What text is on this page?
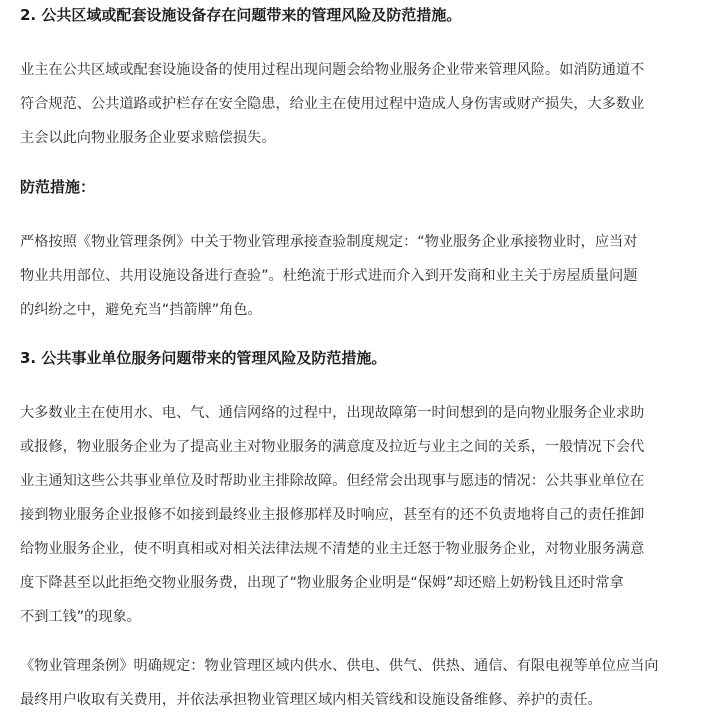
2. 公共区域或配套设施设备存在问题带来的管理风险及防范措施。

业主在公共区域或配套设施设备的使用过程出现问题会给物业服务企业带来管理风险。如消防通道不
符合规范、公共道路或护栏存在安全隐患，给业主在使用过程中造成人身伤害或财产损失，大多数业
主会以此向物业服务企业要求赔偿损失。

防范措施：

严格按照《物业管理条例》中关于物业管理承接查验制度规定：“物业服务企业承接物业时，应当对
物业共用部位、共用设施设备进行查验”。杜绝流于形式进而介入到开发商和业主关于房屋质量问题
的纠纷之中，避免充当“挡箭牌”角色。

3. 公共事业单位服务问题带来的管理风险及防范措施。

大多数业主在使用水、电、气、通信网络的过程中，出现故障第一时间想到的是向物业服务企业求助
或报修，物业服务企业为了提高业主对物业服务的满意度及拉近与业主之间的关系，一般情况下会代
业主通知这些公共事业单位及时帮助业主排除故障。但经常会出现事与愿违的情况：公共事业单位在
接到物业服务企业报修不如接到最终业主报修那样及时响应，甚至有的还不负责地将自己的责任推卸
给物业服务企业，使不明真相或对相关法律法规不清楚的业主迁怒于物业服务企业，对物业服务满意
度下降甚至以此拒绝交物业服务费，出现了“物业服务企业明是“保姆”却还赔上奶粉钱且还时常拿
不到工钱”的现象。

《物业管理条例》明确规定：物业管理区域内供水、供电、供气、供热、通信、有限电视等单位应当向
最终用户收取有关费用，并依法承担物业管理区域内相关管线和设施设备维修、养护的责任。
